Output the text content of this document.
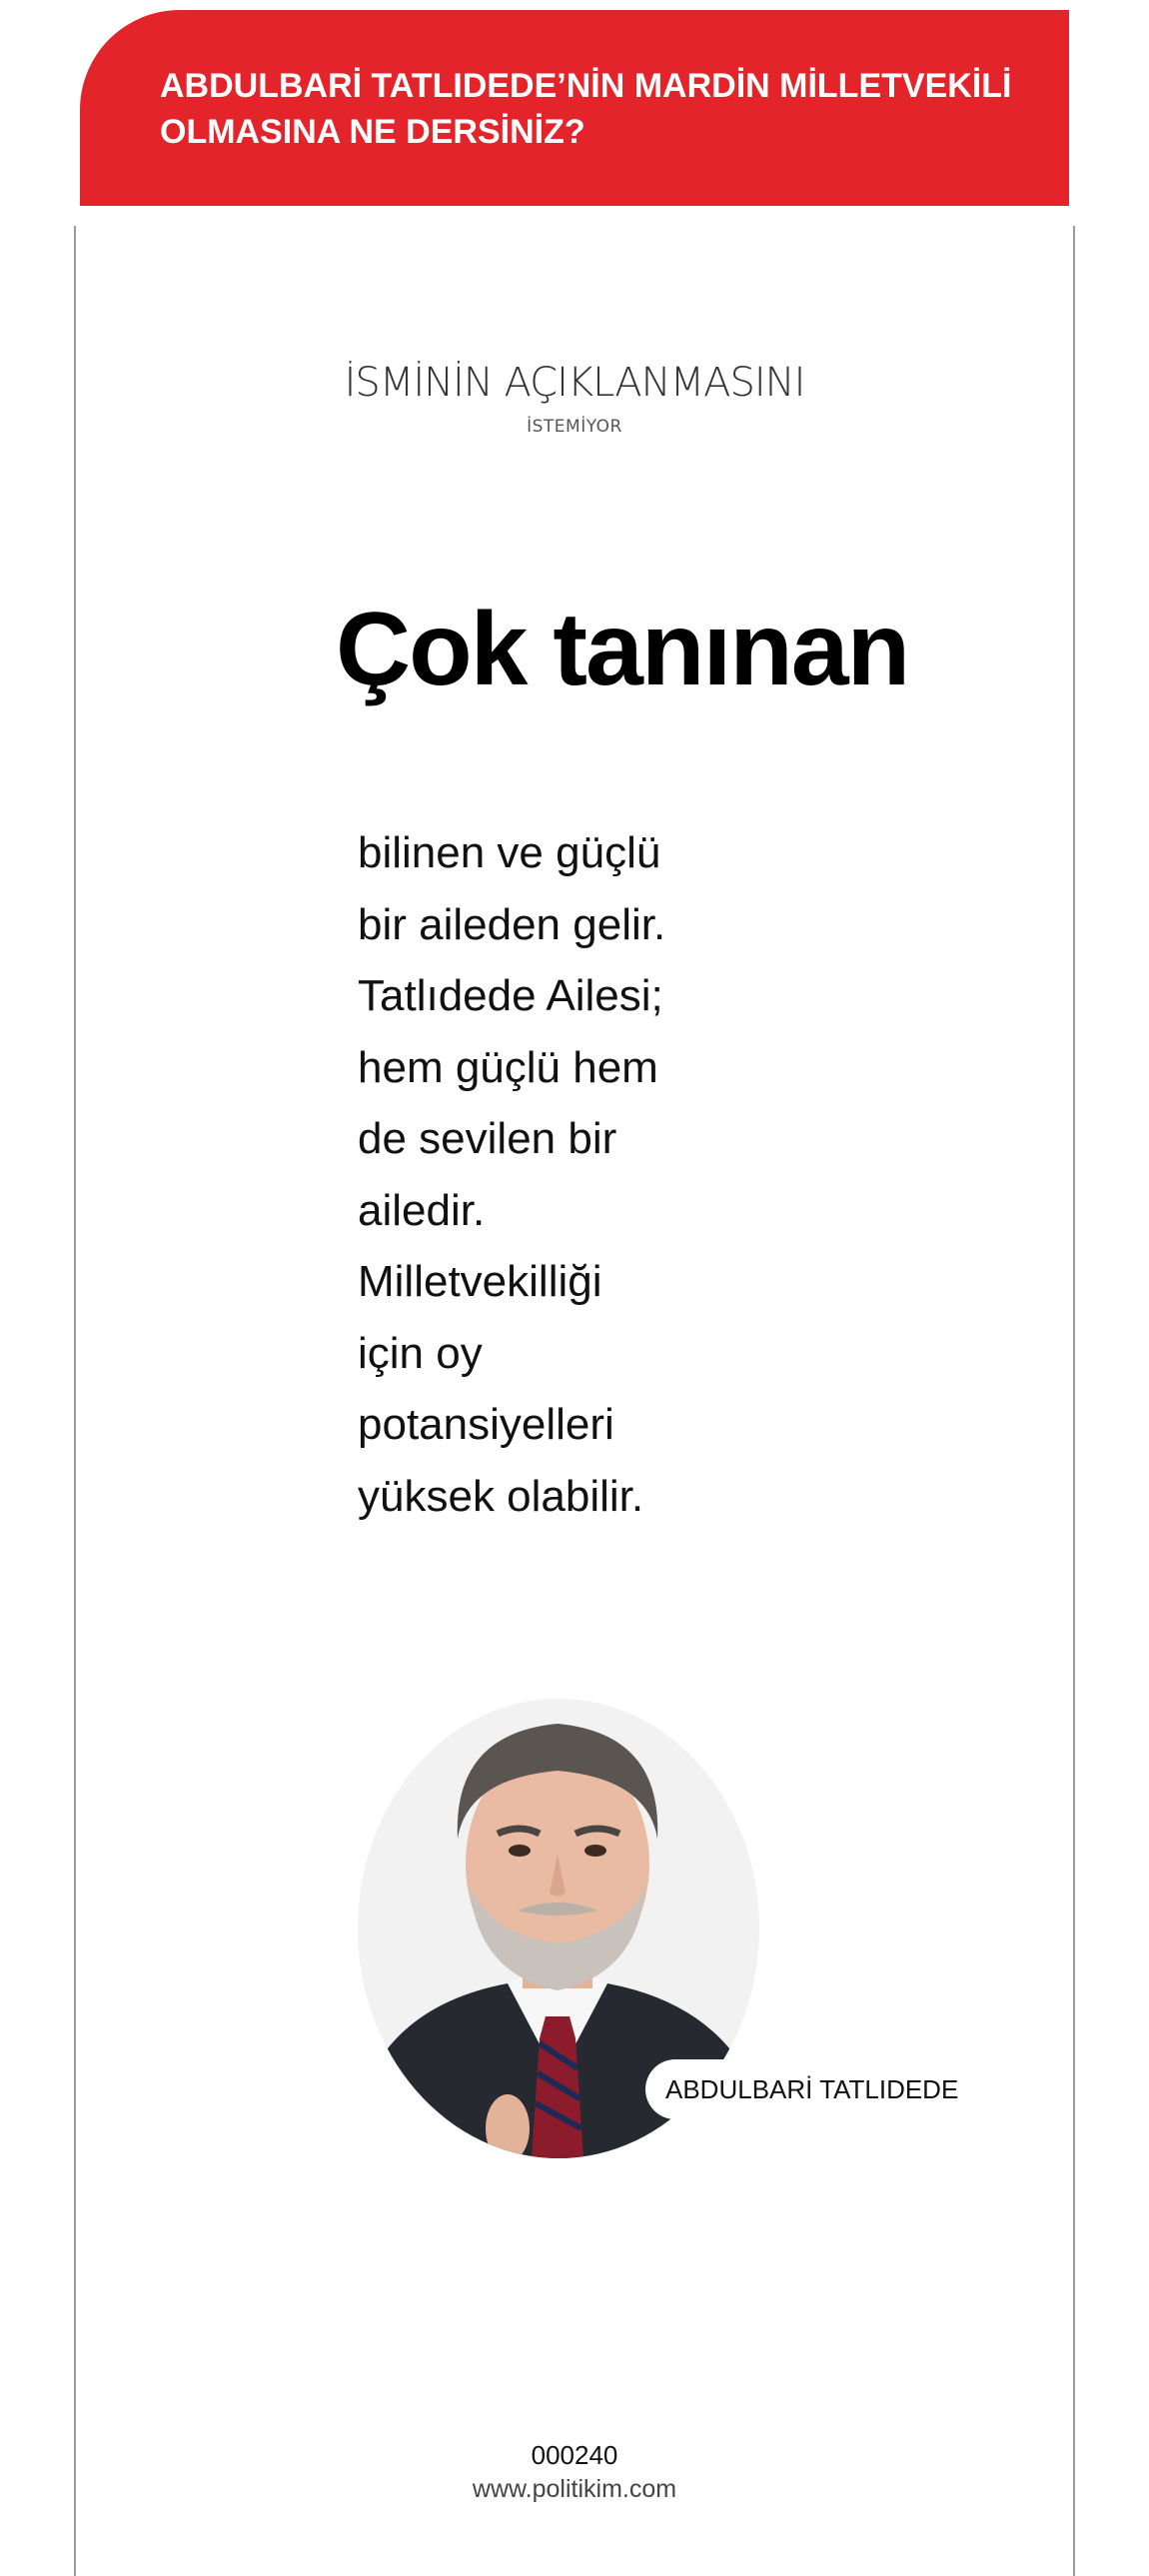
ABDULBARİ TATLIDEDE’NİN MARDİN MİLLETVEKİLİ OLMASINA NE DERSİNİZ?
İSMİNİN AÇIKLANMASINI
İSTEMİYOR
Çok tanınan

bilinen ve güçlü bir aileden gelir. Tatlıdede Ailesi; hem güçlü hem de sevilen bir ailedir. Milletvekilliği için oy potansiyelleri yüksek olabilir.

ABDULBARİ TATLIDEDE
000240
www.politikim.com
